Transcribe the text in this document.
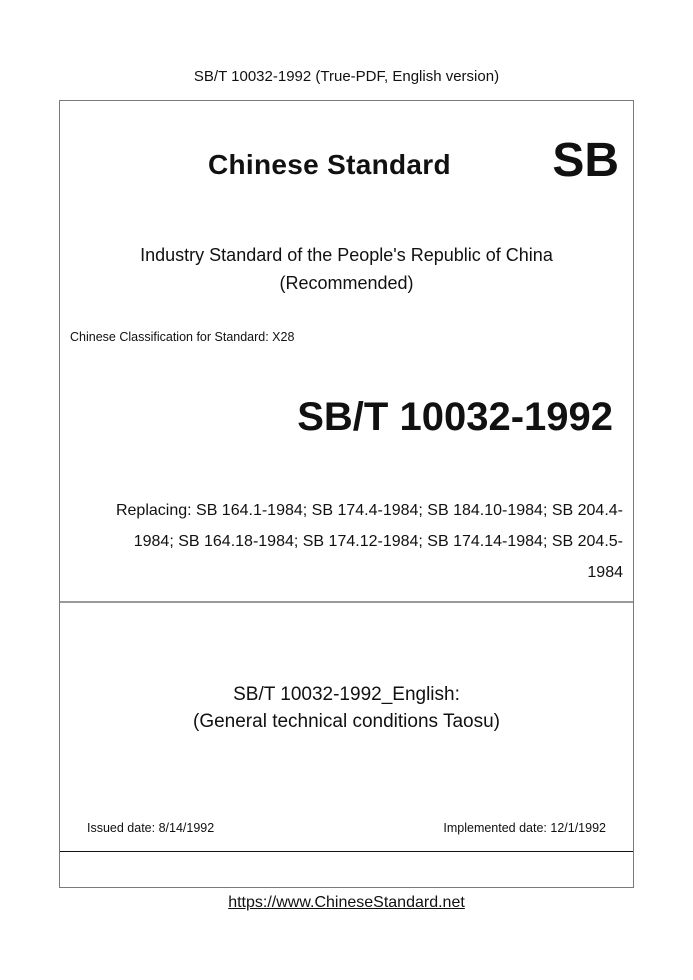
SB/T 10032-1992 (True-PDF, English version)
Chinese Standard SB
Industry Standard of the People's Republic of China
(Recommended)
Chinese Classification for Standard: X28
SB/T 10032-1992
Replacing: SB 164.1-1984; SB 174.4-1984; SB 184.10-1984; SB 204.4-
1984; SB 164.18-1984; SB 174.12-1984; SB 174.14-1984; SB 204.5-
1984
SB/T 10032-1992_English:
(General technical conditions Taosu)
Issued date: 8/14/1992	Implemented date: 12/1/1992
https://www.ChineseStandard.net
